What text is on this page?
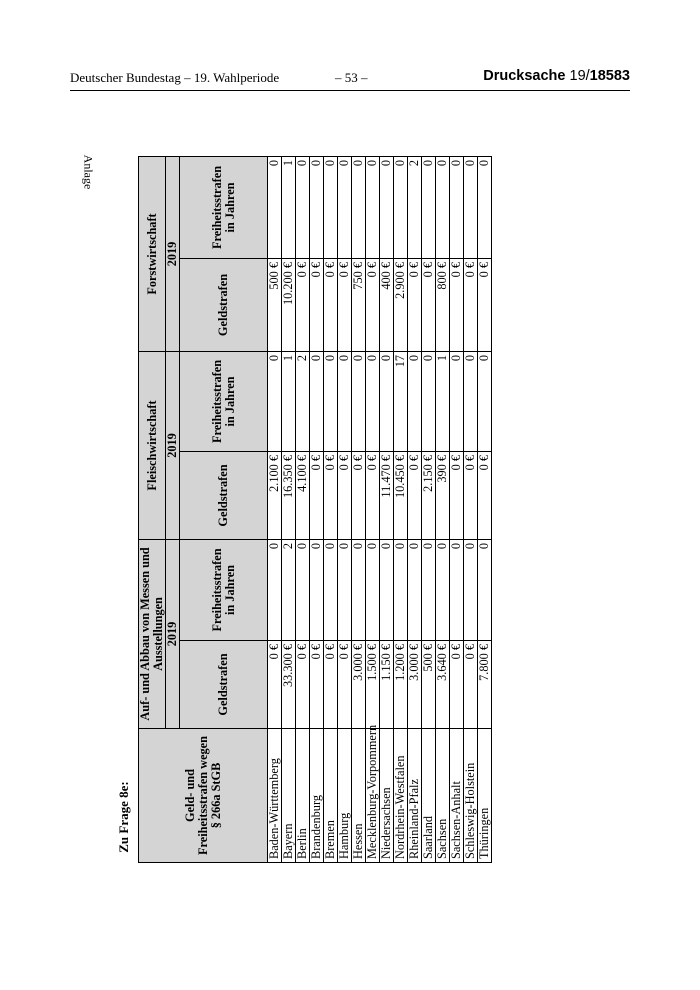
Deutscher Bundestag – 19. Wahlperiode	– 53 –	Drucksache 19/18583
Anlage
Zu Frage 8e:	Geld- und Freiheitsstrafen wegen § 266a StGB	Auf- und Abbau von Messen und Ausstellungen		Fleischwirtschaft		Forstwirtschaft	
	2019		2019		2019	
	Geldstrafen	Freiheitsstrafen in Jahren	Geldstrafen	Freiheitsstrafen in Jahren	Geldstrafen	Freiheitsstrafen in Jahren
Baden-Württemberg	0 €	0	2.100 €	0	500 €	0
Bayern	33.300 €	2	16.350 €	1	10.200 €	1
Berlin	0 €	0	4.100 €	2	0 €	0
Brandenburg	0 €	0	0 €	0	0 €	0
Bremen	0 €	0	0 €	0	0 €	0
Hamburg	0 €	0	0 €	0	0 €	0
Hessen	3.000 €	0	0 €	0	750 €	0
Mecklenburg-Vorpommern	1.500 €	0	0 €	0	0 €	0
Niedersachsen	1.150 €	0	11.470 €	0	400 €	0
Nordrhein-Westfalen	1.200 €	0	10.450 €	17	2.900 €	0
Rheinland-Pfalz	3.000 €	0	0 €	0	0 €	2
Saarland	500 €	0	2.150 €	0	0 €	0
Sachsen	3.640 €	0	390 €	1	800 €	0
Sachsen-Anhalt	0 €	0	0 €	0	0 €	0
Schleswig-Holstein	0 €	0	0 €	0	0 €	0
Thüringen	7.800 €	0	0 €	0	0 €	0
